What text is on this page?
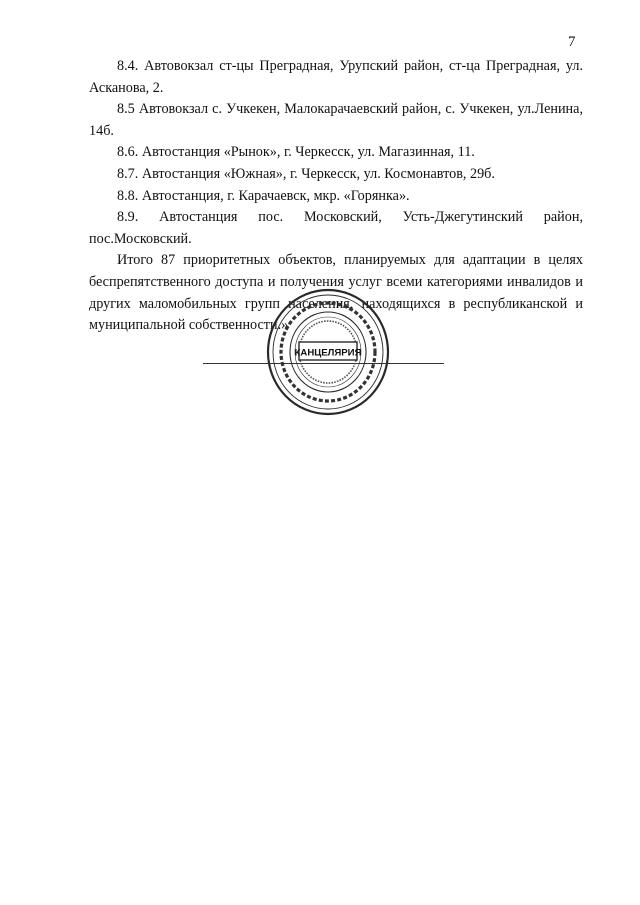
7

8.4. Автовокзал ст-цы Преградная, Урупский район, ст-ца Преградная, ул. Асканова, 2.

8.5 Автовокзал с. Учкекен, Малокарачаевский район, с. Учкекен, ул.Ленина, 14б.

8.6. Автостанция «Рынок», г. Черкесск, ул. Магазинная, 11.

8.7. Автостанция «Южная», г. Черкесск, ул. Космонавтов, 29б.

8.8. Автостанция, г. Карачаевск, мкр. «Горянка».

8.9. Автостанция пос. Московский, Усть-Джегутинский район, пос.Московский.

Итого 87 приоритетных объектов, планируемых для адаптации в целях беспрепятственного доступа и получения услуг всеми категориями инвалидов и других маломобильных групп населения, находящихся в республиканской и муниципальной собственности.»

КАНЦЕЛЯРИЯ
